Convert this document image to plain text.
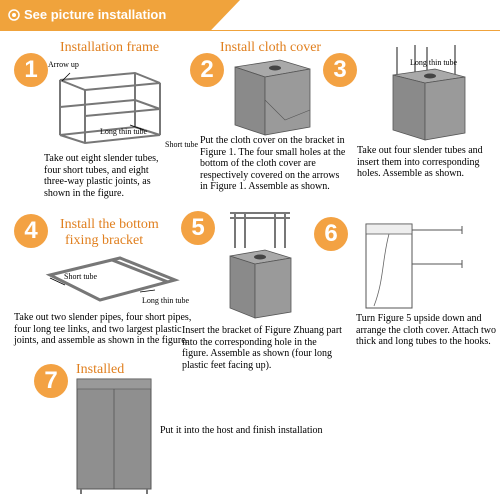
See picture installation
1
Installation frame
Arrow up
Long thin tube
Short tube
Take out eight slender tubes, four short tubes, and eight three-way plastic joints, as shown in the figure.
2
Install cloth cover
Put the cloth cover on the bracket in Figure 1. The four small holes at the bottom of the cloth cover are respectively covered on the arrows in Figure 1. Assemble as shown.
3	Long thin tube
Take out four slender tubes and insert them into corresponding holes. Assemble as shown.
4	Install the bottom
fixing bracket
Short tube
Long thin tube
Take out two slender pipes, four short pipes, four long tee links, and two largest plastic joints, and assemble as shown in the figure.
5
Insert the bracket of Figure Zhuang part into the corresponding hole in the figure. Assemble as shown (four long plastic feet facing up).
6
Turn Figure 5 upside down and arrange the cloth cover. Attach two thick and long tubes to the hooks.
7	Installed
Put it into the host and finish installation
